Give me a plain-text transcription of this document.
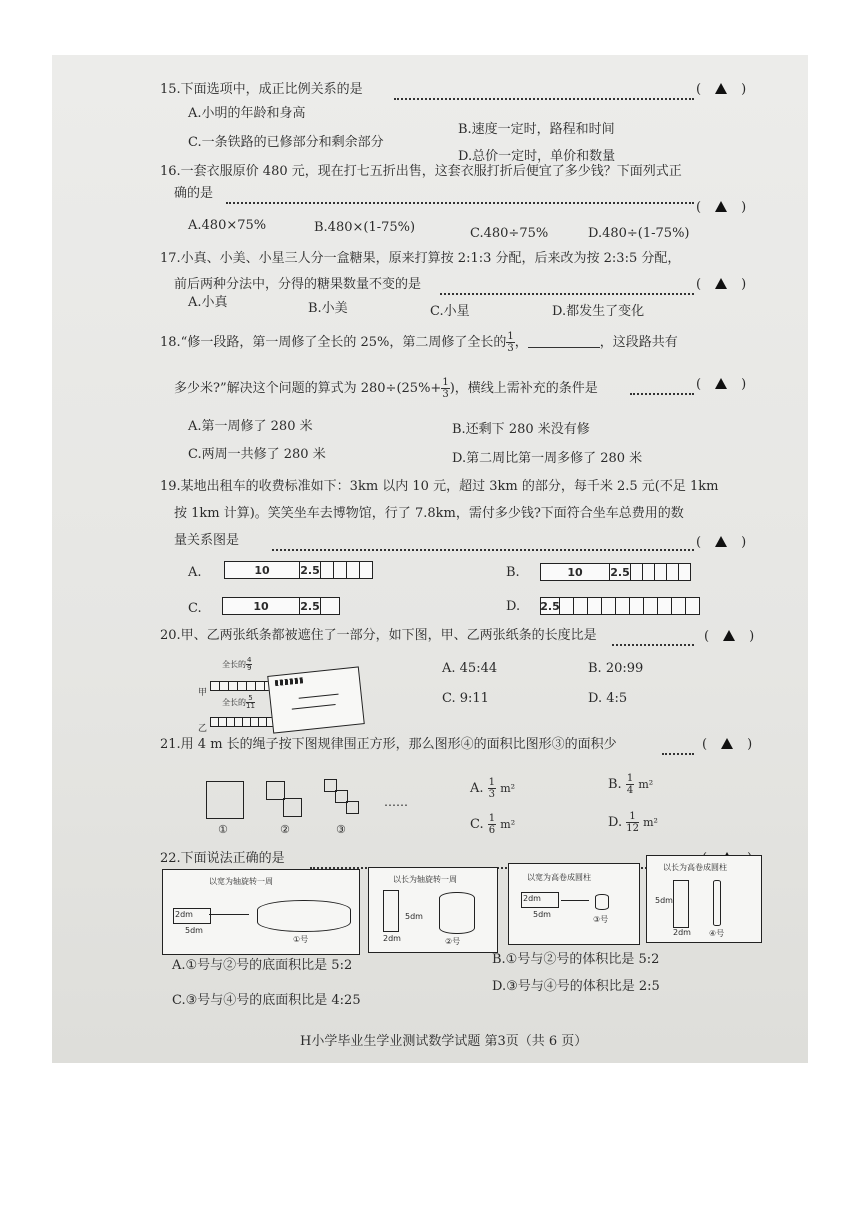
15.下面选项中，成正比例关系的是	(	)
A.小明的年龄和身高
B.速度一定时，路程和时间
C.一条铁路的已修部分和剩余部分
D.总价一定时，单价和数量
16.一套衣服原价 480 元，现在打七五折出售，这套衣服打折后便宜了多少钱？下面列式正
确的是
(	)
A.480×75%	B.480×(1-75%)	C.480÷75%	D.480÷(1-75%)
17.小真、小美、小星三人分一盒糖果，原来打算按 2:1:3 分配，后来改为按 2:3:5 分配，
前后两种分法中，分得的糖果数量不变的是	(	)
A.小真	B.小美	C.小星	D.都发生了变化
18.“修一段路，第一周修了全长的 25%，第二周修了全长的 $\frac{1}{3}$ ，	，这段路共有
多少米?”解决这个问题的算式为 $280\div(25\%+ \frac{1}{3}$ )，横线上需补充的条件是	(	)
A.第一周修了 280 米	B.还剩下 280 米没有修
C.两周一共修了 280 米	D.第二周比第一周多修了 280 米
19.某地出租车的收费标准如下：3km 以内 10 元，超过 3km 的部分，每千米 2.5 元(不足 1km
按 1km 计算)。笑笑坐车去博物馆，行了 7.8km，需付多少钱?下面符合坐车总费用的数
量关系图是	(	)
A.	10	2.5	B.	10	2.5
C.	10	2.5	D. 2.5
20.甲、乙两张纸条都被遮住了一部分，如下图，甲、乙两张纸条的长度比是	(	)
全长的 $\frac{4}{9}$
甲
全长的 $\frac{5}{11}$
乙
A. 45:44	B. 20:99
C. 9:11	D. 4:5
21.用 4 m 长的绳子按下图规律围正方形，那么图形④的面积比图形③的面积少	(	)
①	②	③
……
A. $\frac{1}{3} m^2$	B. $\frac{1}{4} m^2$
C. $\frac{1}{6} m^2$	D. $\frac{1}{12} m^2$
22.下面说法正确的是
以宽为轴旋转一周
2dm
5dm
①号
以长为轴旋转一周
2dm
5dm
②号
以宽为高卷成圆柱
2dm
5dm
③号
以长为高卷成圆柱
5dm
2dm ④号
A.①号与②号的底面积比是 5:2	B.①号与②号的体积比是 5:2
C.③号与④号的底面积比是 4:25
D.③号与④号的体积比是 2:5
H小学毕业生学业测试数学试题 第3页（共 6 页）
